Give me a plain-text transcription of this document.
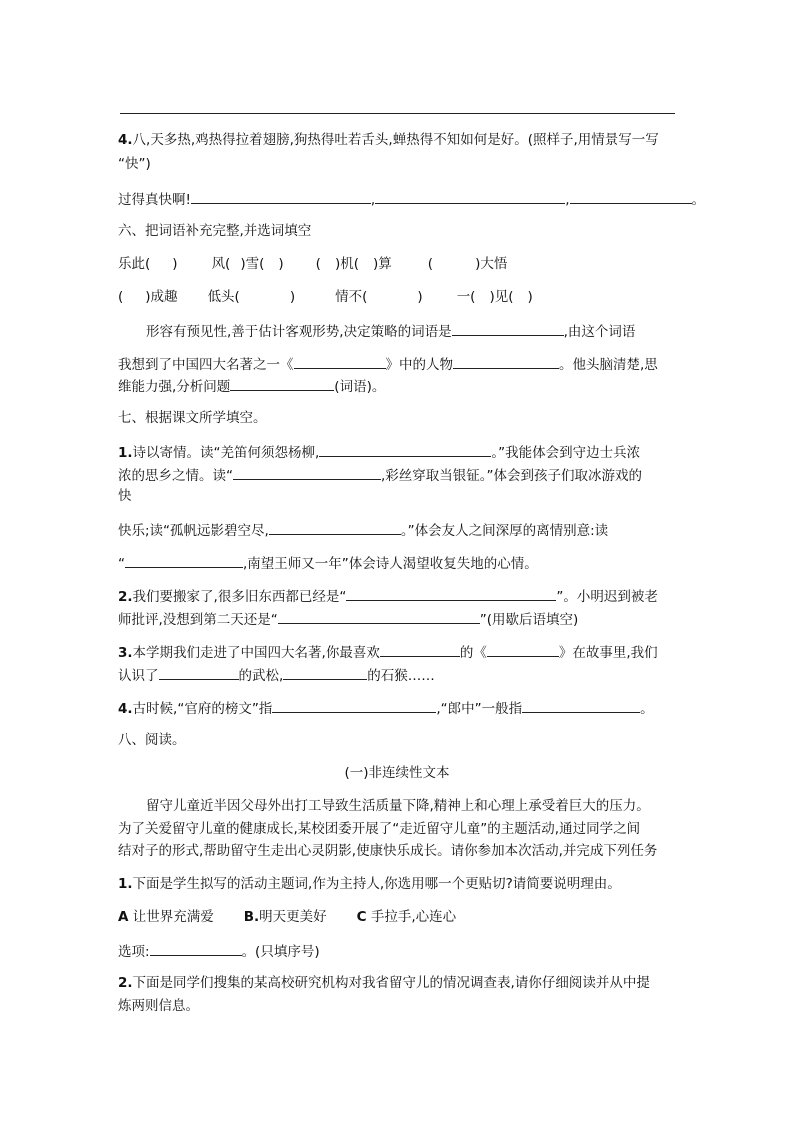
4.八,天多热,鸡热得拉着翅膀,狗热得吐若舌头,蝉热得不知如何是好。(照样子,用情景写一写
“快”)
过得真快啊!	,	,	。
六、把词语补充完整,并选词填空
乐此( )	风( )雪( ) ( )机( )算	(	)大悟
( )成趣 低头(	)	情不(	)	一( )见( )
形容有预见性,善于估计客观形势,决定策略的词语是	,由这个词语
我想到了中国四大名著之一《	》中的人物	。他头脑清楚,思
维能力强,分析问题	(词语)。
七、根据课文所学填空。
1.诗以寄情。读“羌笛何须怨杨柳,	。”我能体会到守边士兵浓
浓的思乡之情。读“	,彩丝穿取当银钲。”体会到孩子们取冰游戏的
快
快乐;读“孤帆远影碧空尽,	。”体会友人之间深厚的离情别意:读
“	,南望王师又一年”体会诗人渴望收复失地的心情。
2.我们要搬家了,很多旧东西都已经是“	”。小明迟到被老
师批评,没想到第二天还是“	”(用歇后语填空)
3.本学期我们走进了中国四大名著,你最喜欢	的《	》在故事里,我们
认识了	的武松,	的石猴……
4.古时候,“官府的榜文”指	,“郎中”一般指	。
八、阅读。
(一)非连续性文本
留守儿童近半因父母外出打工导致生活质量下降,精神上和心理上承受着巨大的压力。
为了关爱留守儿童的健康成长,某校团委开展了“走近留守儿童”的主题活动,通过同学之间
结对子的形式,帮助留守生走出心灵阴影,使康快乐成长。请你参加本次活动,并完成下列任务
1.下面是学生拟写的活动主题词,作为主持人,你选用哪一个更贴切?请简要说明理由。
A 让世界充满爱 B.明天更美好 C 手拉手,心连心
选项:	。(只填序号)
2.下面是同学们搜集的某高校研究机构对我省留守儿的情况调查表,请你仔细阅读并从中提
炼两则信息。
